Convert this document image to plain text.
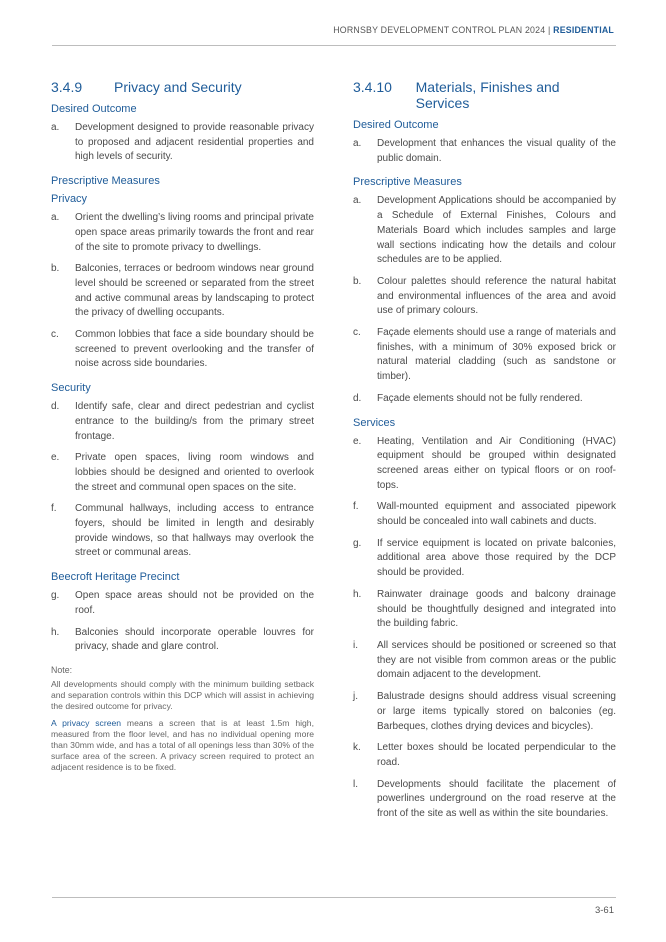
HORNSBY DEVELOPMENT CONTROL PLAN 2024 | RESIDENTIAL
3.4.9	Privacy and Security
Desired Outcome
a.	Development designed to provide reasonable privacy to proposed and adjacent residential properties and high levels of security.
Prescriptive Measures
Privacy
a.	Orient the dwelling’s living rooms and principal private open space areas primarily towards the front and rear of the site to promote privacy to dwellings.
b.	Balconies, terraces or bedroom windows near ground level should be screened or separated from the street and active communal areas by landscaping to protect the privacy of dwelling occupants.
c.	Common lobbies that face a side boundary should be screened to prevent overlooking and the transfer of noise across side boundaries.
Security
d.	Identify safe, clear and direct pedestrian and cyclist entrance to the building/s from the primary street frontage.
e.	Private open spaces, living room windows and lobbies should be designed and oriented to overlook the street and communal open spaces on the site.
f.	Communal hallways, including access to entrance foyers, should be limited in length and desirably provide windows, so that hallways may overlook the street or communal areas.
Beecroft Heritage Precinct
g.	Open space areas should not be provided on the roof.
h.	Balconies should incorporate operable louvres for privacy, shade and glare control.
Note:

All developments should comply with the minimum building setback and separation controls within this DCP which will assist in achieving the desired outcome for privacy.

A privacy screen means a screen that is at least 1.5m high, measured from the floor level, and has no individual opening more than 30mm wide, and has a total of all openings less than 30% of the surface area of the screen. A privacy screen required to protect an adjacent residence is to be fixed.

3.4.10	Materials, Finishes and Services
Desired Outcome
a.	Development that enhances the visual quality of the public domain.
Prescriptive Measures
a.	Development Applications should be accompanied by a Schedule of External Finishes, Colours and Materials Board which includes samples and large wall sections indicating how the details and colour schedules are to be applied.
b.	Colour palettes should reference the natural habitat and environmental influences of the area and avoid use of primary colours.
c.	Façade elements should use a range of materials and finishes, with a minimum of 30% exposed brick or natural material cladding (such as sandstone or timber).
d.	Façade elements should not be fully rendered.
Services
e.	Heating, Ventilation and Air Conditioning (HVAC) equipment should be grouped within designated screened areas either on typical floors or on roof-tops.
f.	Wall-mounted equipment and associated pipework should be concealed into wall cabinets and ducts.
g.	If service equipment is located on private balconies, additional area above those required by the DCP should be provided.
h.	Rainwater drainage goods and balcony drainage should be thoughtfully designed and integrated into the building fabric.
i.	All services should be positioned or screened so that they are not visible from common areas or the public domain adjacent to the development.
j.	Balustrade designs should address visual screening or large items typically stored on balconies (eg. Barbeques, clothes drying devices and bicycles).
k.	Letter boxes should be located perpendicular to the road.
l.	Developments should facilitate the placement of powerlines underground on the road reserve at the front of the site as well as within the site boundaries.
3-61
